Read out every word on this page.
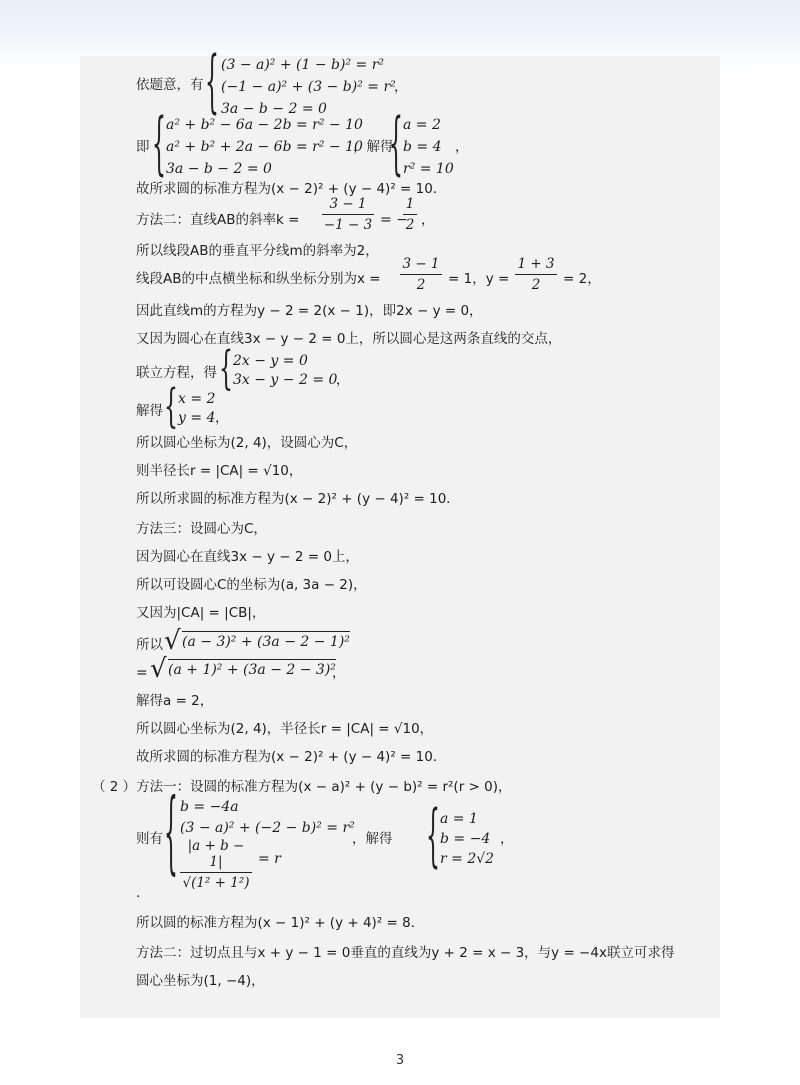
依题意，有 { (3 − a)² + (1 − b)² = r²
(−1 − a)² + (3 − b)² = r²
，
3a − b − 2 = 0
即 { a² + b² − 6a − 2b = r² − 10
a² + b² + 2a − 6b = r² − 10
，解得
3a − b − 2 = 0	{ a = 2
b = 4
r² = 10
，
故所求圆的标准方程为(x − 2)² + (y − 4)² = 10．
方法二：直线AB的斜率k =
3 − 1
−1 − 3 = −
1
2 ，
所以线段AB的垂直平分线m的斜率为2，
线段AB的中点横坐标和纵坐标分别为x =
3 − 1
2	= 1，y =
1 + 3
2	= 2，
因此直线m的方程为y − 2 = 2(x − 1)，即2x − y = 0，
又因为圆心在直线3x − y − 2 = 0上，所以圆心是这两条直线的交点，
联立方程，得 { 2x − y = 0
3x − y − 2 = 0
，
解得 { x = 2
y = 4 ，
所以圆心坐标为(2, 4)，设圆心为C，
则半径长r = |CA| = √10，
所以所求圆的标准方程为(x − 2)² + (y − 4)² = 10．
方法三：设圆心为C，
因为圆心在直线3x − y − 2 = 0上，
所以可设圆心C的坐标为(a, 3a − 2)，
又因为|CA| = |CB|，
所以 √ (a − 3)² + (3a − 2 − 1)²
= √ (a + 1)² + (3a − 2 − 3)²
，
解得a = 2，
所以圆心坐标为(2, 4)，半径长r = |CA| = √10，
故所求圆的标准方程为(x − 2)² + (y − 4)² = 10．
（ 2 ）方法一：设圆的标准方程为(x − a)² + (y − b)² = r²(r > 0)，
则有 { b = −4a
(3 − a)² + (−2 − b)² = r²
|a + b − 1|
√(1² + 1²)
= r
，解得 { a = 1
b = −4
r = 2√2
，
.
所以圆的标准方程为(x − 1)² + (y + 4)² = 8．
方法二：过切点且与x + y − 1 = 0垂直的直线为y + 2 = x − 3，与y = −4x联立可求得
圆心坐标为(1, −4)，
3
